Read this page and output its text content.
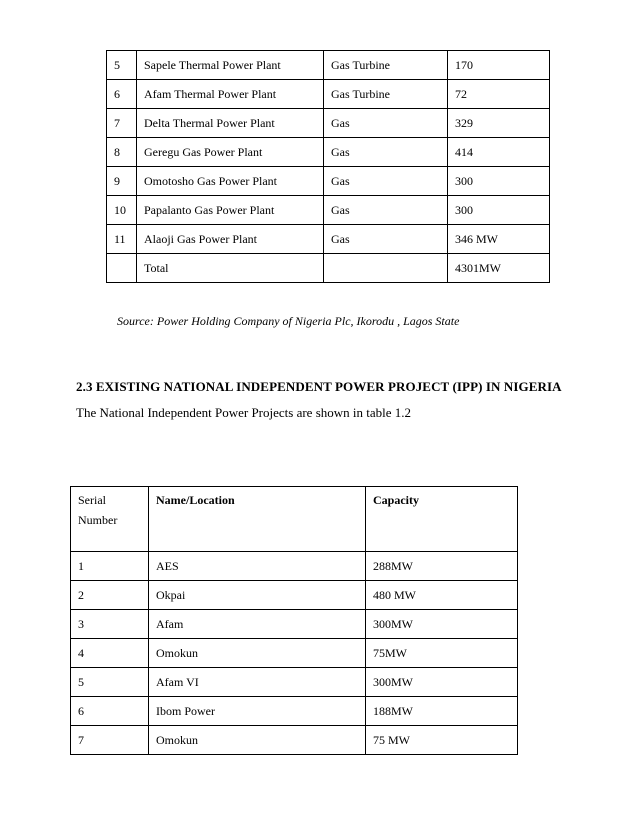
5	Sapele Thermal Power Plant	Gas Turbine	170
6	Afam Thermal Power Plant	Gas Turbine	72
7	Delta Thermal Power Plant	Gas	329
8	Geregu Gas Power Plant	Gas	414
9	Omotosho Gas Power Plant	Gas	300
10	Papalanto Gas Power Plant	Gas	300
11	Alaoji Gas Power Plant	Gas	346 MW
	Total		4301MW
Source: Power Holding Company of Nigeria Plc, Ikorodu , Lagos State
2.3 EXISTING NATIONAL INDEPENDENT POWER PROJECT (IPP) IN NIGERIA
The National Independent Power Projects are shown in table 1.2
Serial
Number	Name/Location	Capacity
1	AES	288MW
2	Okpai	480 MW
3	Afam	300MW
4	Omokun	75MW
5	Afam VI	300MW
6	Ibom Power	188MW
7	Omokun	75 MW
